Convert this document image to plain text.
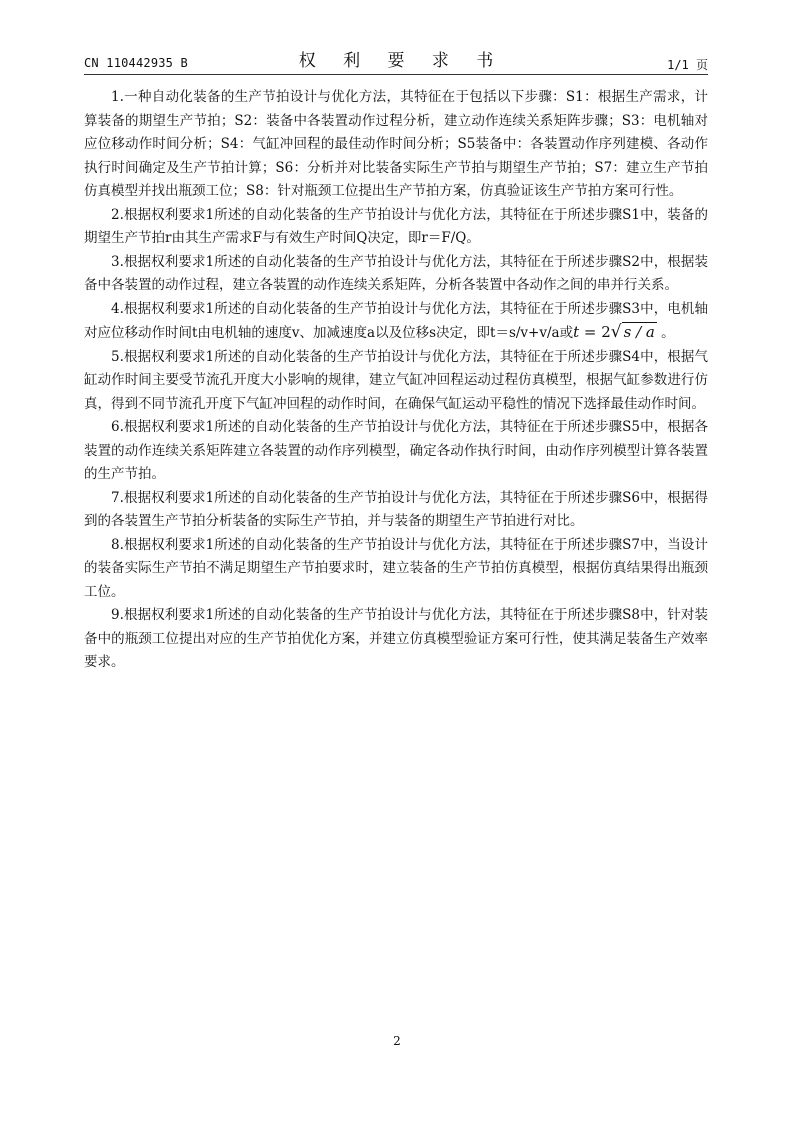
CN 110442935 B	权 利 要 求 书	1/1 页

1.一种自动化装备的生产节拍设计与优化方法，其特征在于包括以下步骤：S1：根据生产需求，计算装备的期望生产节拍；S2：装备中各装置动作过程分析，建立动作连续关系矩阵步骤；S3：电机轴对应位移动作时间分析；S4：气缸冲回程的最佳动作时间分析；S5装备中：各装置动作序列建模、各动作执行时间确定及生产节拍计算；S6：分析并对比装备实际生产节拍与期望生产节拍；S7：建立生产节拍仿真模型并找出瓶颈工位；S8：针对瓶颈工位提出生产节拍方案，仿真验证该生产节拍方案可行性。

2.根据权利要求1所述的自动化装备的生产节拍设计与优化方法，其特征在于所述步骤S1中，装备的期望生产节拍r由其生产需求F与有效生产时间Q决定，即r＝F/Q。

3.根据权利要求1所述的自动化装备的生产节拍设计与优化方法，其特征在于所述步骤S2中，根据装备中各装置的动作过程，建立各装置的动作连续关系矩阵，分析各装置中各动作之间的串并行关系。

4.根据权利要求1所述的自动化装备的生产节拍设计与优化方法，其特征在于所述步骤S3中，电机轴对应位移动作时间t由电机轴的速度v、加减速度a以及位移s决定，即t＝s/v+v/a或t = 2√ s / a 。

5.根据权利要求1所述的自动化装备的生产节拍设计与优化方法，其特征在于所述步骤S4中，根据气缸动作时间主要受节流孔开度大小影响的规律，建立气缸冲回程运动过程仿真模型，根据气缸参数进行仿真，得到不同节流孔开度下气缸冲回程的动作时间，在确保气缸运动平稳性的情况下选择最佳动作时间。

6.根据权利要求1所述的自动化装备的生产节拍设计与优化方法，其特征在于所述步骤S5中，根据各装置的动作连续关系矩阵建立各装置的动作序列模型，确定各动作执行时间，由动作序列模型计算各装置的生产节拍。

7.根据权利要求1所述的自动化装备的生产节拍设计与优化方法，其特征在于所述步骤S6中，根据得到的各装置生产节拍分析装备的实际生产节拍，并与装备的期望生产节拍进行对比。

8.根据权利要求1所述的自动化装备的生产节拍设计与优化方法，其特征在于所述步骤S7中，当设计的装备实际生产节拍不满足期望生产节拍要求时，建立装备的生产节拍仿真模型，根据仿真结果得出瓶颈工位。

9.根据权利要求1所述的自动化装备的生产节拍设计与优化方法，其特征在于所述步骤S8中，针对装备中的瓶颈工位提出对应的生产节拍优化方案，并建立仿真模型验证方案可行性，使其满足装备生产效率要求。

2
